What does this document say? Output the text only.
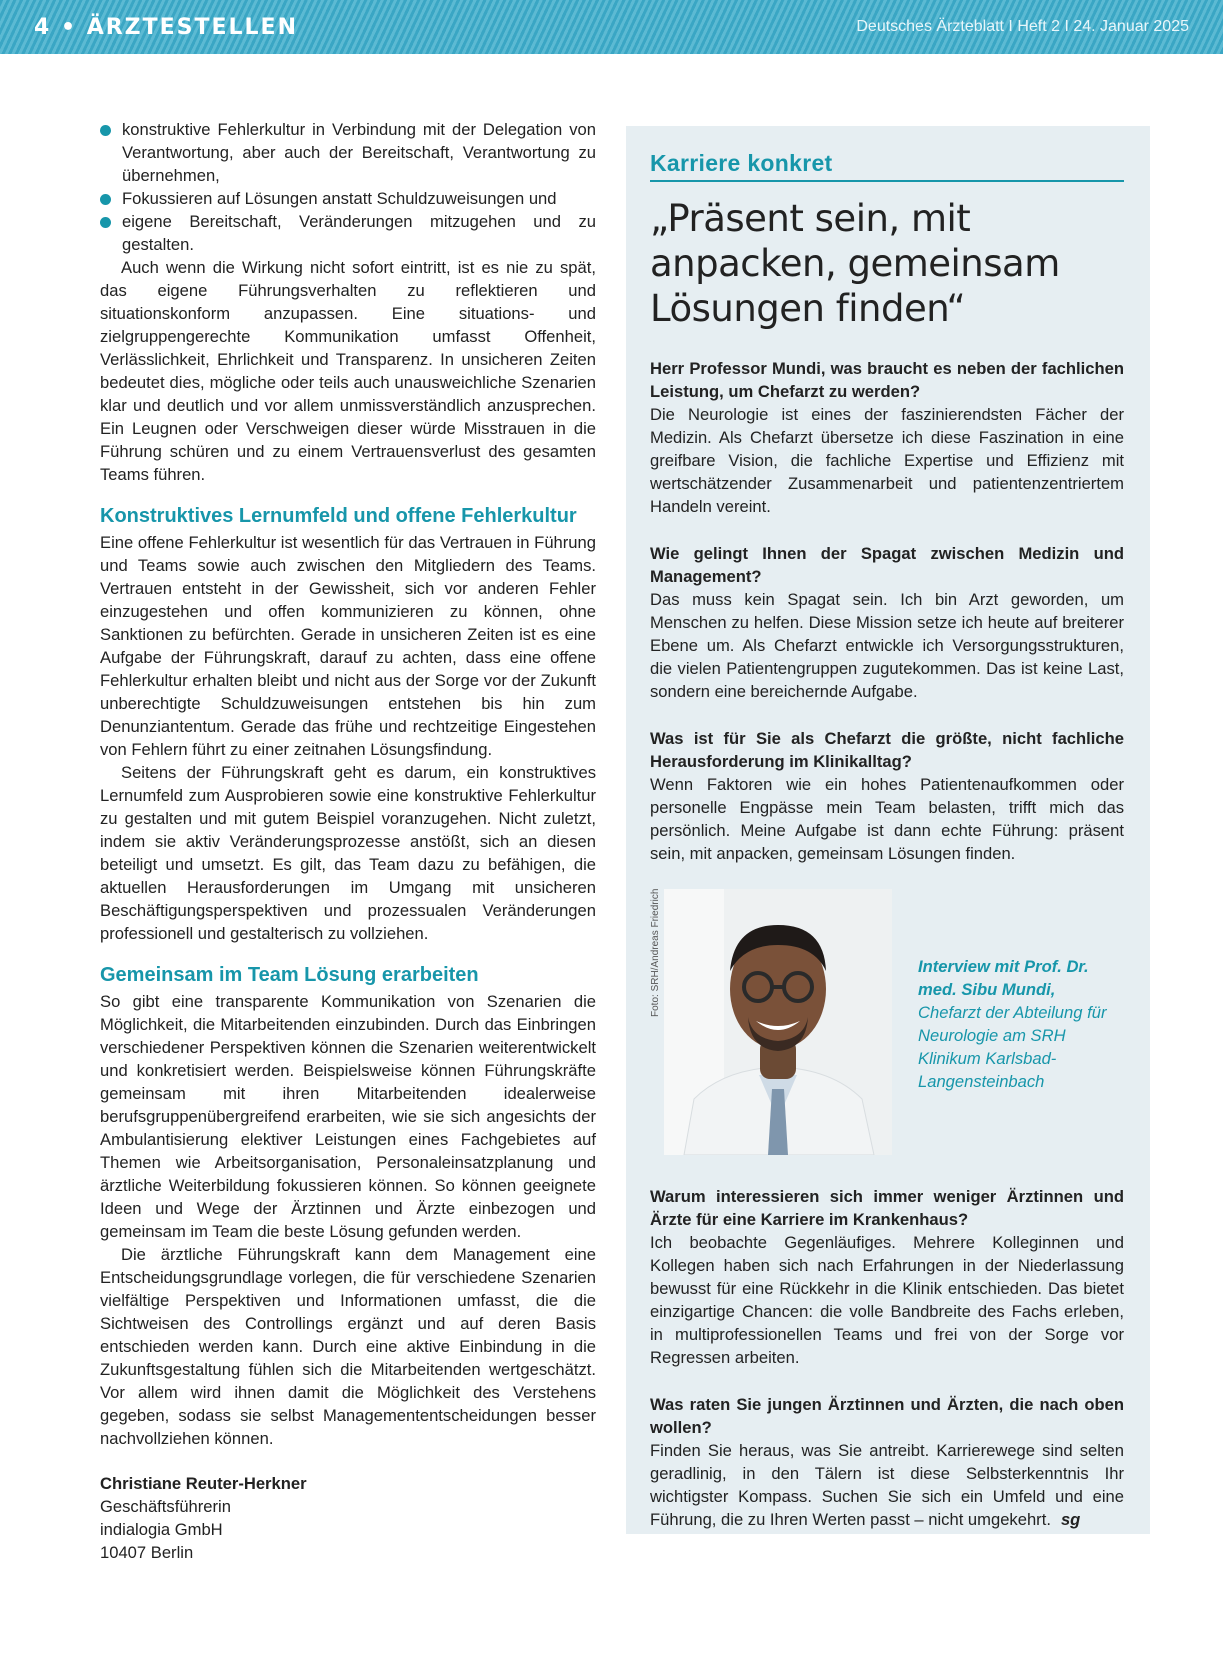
4 • ÄRZTESTELLEN	Deutsches Ärzteblatt I Heft 2 I 24. Januar 2025
konstruktive Fehlerkultur in Verbindung mit der Delegation von Verantwortung, aber auch der Bereitschaft, Verantwortung zu übernehmen,
Fokussieren auf Lösungen anstatt Schuldzuweisungen und
eigene Bereitschaft, Veränderungen mitzugehen und zu gestalten.

Auch wenn die Wirkung nicht sofort eintritt, ist es nie zu spät, das eigene Führungsverhalten zu reflektieren und situationskonform anzupassen. Eine situations- und zielgruppengerechte Kommunikation umfasst Offenheit, Verlässlichkeit, Ehrlichkeit und Transparenz. In unsicheren Zeiten bedeutet dies, mögliche oder teils auch unausweichliche Szenarien klar und deutlich und vor allem unmissverständlich anzusprechen. Ein Leugnen oder Verschweigen dieser würde Misstrauen in die Führung schüren und zu einem Vertrauensverlust des gesamten Teams führen.

Konstruktives Lernumfeld und offene Fehlerkultur

Eine offene Fehlerkultur ist wesentlich für das Vertrauen in Führung und Teams sowie auch zwischen den Mitgliedern des Teams. Vertrauen entsteht in der Gewissheit, sich vor anderen Fehler einzugestehen und offen kommunizieren zu können, ohne Sanktionen zu befürchten. Gerade in unsicheren Zeiten ist es eine Aufgabe der Führungskraft, darauf zu achten, dass eine offene Fehlerkultur erhalten bleibt und nicht aus der Sorge vor der Zukunft unberechtigte Schuldzuweisungen entstehen bis hin zum Denunziantentum. Gerade das frühe und rechtzeitige Eingestehen von Fehlern führt zu einer zeitnahen Lösungsfindung.

Seitens der Führungskraft geht es darum, ein konstruktives Lernumfeld zum Ausprobieren sowie eine konstruktive Fehlerkultur zu gestalten und mit gutem Beispiel voranzugehen. Nicht zuletzt, indem sie aktiv Veränderungsprozesse anstößt, sich an diesen beteiligt und umsetzt. Es gilt, das Team dazu zu befähigen, die aktuellen Herausforderungen im Umgang mit unsicheren Beschäftigungsperspektiven und prozessualen Veränderungen professionell und gestalterisch zu vollziehen.

Gemeinsam im Team Lösung erarbeiten

So gibt eine transparente Kommunikation von Szenarien die Möglichkeit, die Mitarbeitenden einzubinden. Durch das Einbringen verschiedener Perspektiven können die Szenarien weiterentwickelt und konkretisiert werden. Beispielsweise können Führungskräfte gemeinsam mit ihren Mitarbeitenden idealerweise berufsgruppenübergreifend erarbeiten, wie sie sich angesichts der Ambulantisierung elektiver Leistungen eines Fachgebietes auf Themen wie Arbeitsorganisation, Personaleinsatzplanung und ärztliche Weiterbildung fokussieren können. So können geeignete Ideen und Wege der Ärztinnen und Ärzte einbezogen und gemeinsam im Team die beste Lösung gefunden werden.

Die ärztliche Führungskraft kann dem Management eine Entscheidungsgrundlage vorlegen, die für verschiedene Szenarien vielfältige Perspektiven und Informationen umfasst, die die Sichtweisen des Controllings ergänzt und auf deren Basis entschieden werden kann. Durch eine aktive Einbindung in die Zukunftsgestaltung fühlen sich die Mitarbeitenden wertgeschätzt. Vor allem wird ihnen damit die Möglichkeit des Verstehens gegeben, sodass sie selbst Managemententscheidungen besser nachvollziehen können.

Christiane Reuter-Herkner
Geschäftsführerin
indialogia GmbH
10407 Berlin
Karriere konkret
„Präsent sein, mit anpacken, gemeinsam Lösungen finden“
Herr Professor Mundi, was braucht es neben der fachlichen Leistung, um Chefarzt zu werden?
Die Neurologie ist eines der faszinierendsten Fächer der Medizin. Als Chefarzt übersetze ich diese Faszination in eine greifbare Vision, die fachliche Expertise und Effizienz mit wertschätzender Zusammenarbeit und patientenzentriertem Handeln vereint.
Wie gelingt Ihnen der Spagat zwischen Medizin und Management?
Das muss kein Spagat sein. Ich bin Arzt geworden, um Menschen zu helfen. Diese Mission setze ich heute auf breiterer Ebene um. Als Chefarzt entwickle ich Versorgungsstrukturen, die vielen Patientengruppen zugutekommen. Das ist keine Last, sondern eine bereichernde Aufgabe.
Was ist für Sie als Chefarzt die größte, nicht fachliche Herausforderung im Klinikalltag?
Wenn Faktoren wie ein hohes Patientenaufkommen oder personelle Engpässe mein Team belasten, trifft mich das persönlich. Meine Aufgabe ist dann echte Führung: präsent sein, mit anpacken, gemeinsam Lösungen finden.
Foto: SRH/Andreas Friedrich	Interview mit Prof. Dr. med. Sibu Mundi, Chefarzt der Abteilung für Neurologie am SRH Klinikum Karlsbad-Langensteinbach
Warum interessieren sich immer weniger Ärztinnen und Ärzte für eine Karriere im Krankenhaus?
Ich beobachte Gegenläufiges. Mehrere Kolleginnen und Kollegen haben sich nach Erfahrungen in der Niederlassung bewusst für eine Rückkehr in die Klinik entschieden. Das bietet einzigartige Chancen: die volle Bandbreite des Fachs erleben, in multiprofessionellen Teams und frei von der Sorge vor Regressen arbeiten.
Was raten Sie jungen Ärztinnen und Ärzten, die nach oben wollen?
Finden Sie heraus, was Sie antreibt. Karrierewege sind selten geradlinig, in den Tälern ist diese Selbsterkenntnis Ihr wichtigster Kompass. Suchen Sie sich ein Umfeld und eine Führung, die zu Ihren Werten passt – nicht umgekehrt. sg
